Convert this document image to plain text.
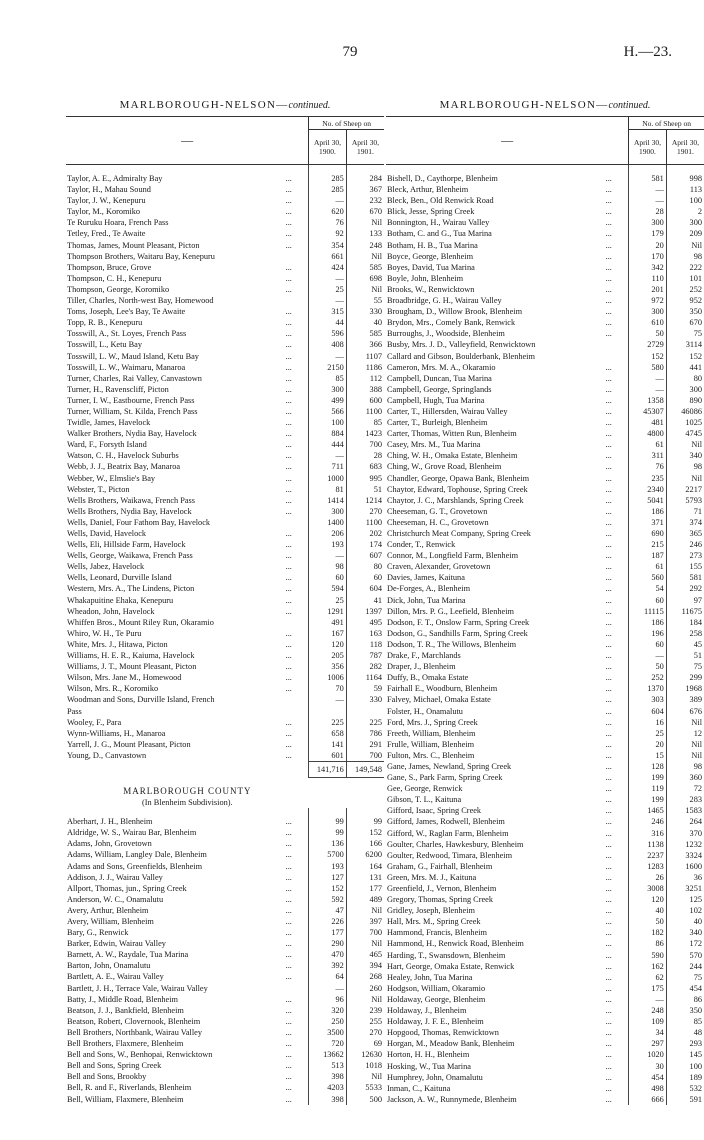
79	H.—23.
MARLBOROUGH-NELSON—continued.
—		No. of Sheep on	
		April 30, 1900.	April 30, 1901.

Taylor, A. E., Admiralty Bay	...	285	284
Taylor, H., Mahau Sound	...	285	367
Taylor, J. W., Kenepuru	...	—	232
Taylor, M., Koromiko	...	620	670
Te Ruruku Hoara, French Pass	...	76	Nil
Tetley, Fred., Te Awaite	...	92	133
Thomas, James, Mount Pleasant, Picton	...	354	248
Thompson Brothers, Waitaru Bay, Kenepuru		661	Nil
Thompson, Bruce, Grove	...	424	585
Thompson, C. H., Kenepuru	...	—	698
Thompson, George, Koromiko	...	25	Nil
Tiller, Charles, North-west Bay, Homewood		—	55
Toms, Joseph, Lee's Bay, Te Awaite	...	315	330
Topp, R. B., Kenepuru	...	44	40
Tosswill, A., St. Loyes, French Pass	...	596	585
Tosswill, L., Ketu Bay	...	408	366
Tosswill, L. W., Maud Island, Ketu Bay	...	—	1107
Tosswill, L. W., Waimaru, Manaroa	...	2150	1186
Turner, Charles, Rai Valley, Canvastown	...	85	112
Turner, H., Ravenscliff, Picton	...	300	388
Turner, I. W., Eastbourne, French Pass	...	499	600
Turner, William, St. Kilda, French Pass	...	566	1100
Twidle, James, Havelock	...	100	85
Walker Brothers, Nydia Bay, Havelock	...	884	1423
Ward, F., Forsyth Island	...	444	700
Watson, C. H., Havelock Suburbs	...	—	28
Webb, J. J., Beatrix Bay, Manaroa	...	711	683
Webber, W., Elmslie's Bay	...	1000	995
Webster, T., Picton	...	81	51
Wells Brothers, Waikawa, French Pass	...	1414	1214
Wells Brothers, Nydia Bay, Havelock	...	300	270
Wells, Daniel, Four Fathom Bay, Havelock		1400	1100
Wells, David, Havelock	...	206	202
Wells, Eli, Hillside Farm, Havelock	...	193	174
Wells, George, Waikawa, French Pass	...	—	607
Wells, Jabez, Havelock	...	98	80
Wells, Leonard, Durville Island	...	60	60
Western, Mrs. A., The Lindens, Picton	...	594	604
Whakapuitine Ehaka, Kenepuru	...	25	41
Wheadon, John, Havelock	...	1291	1397
Whiffen Bros., Mount Riley Run, Okaramio		491	495
Whiro, W. H., Te Puru	...	167	163
White, Mrs. J., Hitawa, Picton	...	120	118
Williams, H. E. R., Kaiuma, Havelock	...	205	787
Williams, J. T., Mount Pleasant, Picton	...	356	282
Wilson, Mrs. Jane M., Homewood	...	1006	1164
Wilson, Mrs. R., Koromiko	...	70	59
Woodman and Sons, Durville Island, French		—	330
Pass			
Wooley, F., Para	...	225	225
Wynn-Williams, H., Manaroa	...	658	786
Yarrell, J. G., Mount Pleasant, Picton	...	141	291
Young, D., Canvastown	...	601	700
		141,716	149,548

MARLBOROUGH COUNTY			
(In Blenheim Subdivision).			

Aberhart, J. H., Blenheim	...	99	99
Aldridge, W. S., Wairau Bar, Blenheim	...	99	152
Adams, John, Grovetown	...	136	166
Adams, William, Langley Dale, Blenheim	...	5700	6200
Adams and Sons, Greenfields, Blenheim	...	193	164
Addison, J. J., Wairau Valley	...	127	131
Allport, Thomas, jun., Spring Creek	...	152	177
Anderson, W. C., Onamalutu	...	592	489
Avery, Arthur, Blenheim	...	47	Nil
Avery, William, Blenheim	...	226	397
Bary, G., Renwick	...	177	700
Barker, Edwin, Wairau Valley	...	290	Nil
Barnett, A. W., Raydale, Tua Marina	...	470	465
Barton, John, Onamalutu	...	392	394
Bartlett, A. E., Wairau Valley	...	64	268
Bartlett, J. H., Terrace Vale, Wairau Valley		—	260
Batty, J., Middle Road, Blenheim	...	96	Nil
Beatson, J. J., Bankfield, Blenheim	...	320	239
Beatson, Robert, Clovernook, Blenheim	...	250	255
Bell Brothers, Northbank, Wairau Valley	...	3500	270
Bell Brothers, Flaxmere, Blenheim	...	720	69
Bell and Sons, W., Benhopai, Renwicktown	...	13662	12630
Bell and Sons, Spring Creek	...	513	1018
Bell and Sons, Brookby	...	398	Nil
Bell, R. and F., Riverlands, Blenheim	...	4203	5533
Bell, William, Flaxmere, Blenheim	...	398	500
MARLBOROUGH-NELSON—continued.
—		No. of Sheep on	
		April 30, 1900.	April 30, 1901.

Bishell, D., Caythorpe, Blenheim	...	581	998
Bleck, Arthur, Blenheim	...	—	113
Bleck, Ben., Old Renwick Road	...	—	100
Blick, Jesse, Spring Creek	...	28	2
Bonnington, H., Wairau Valley	...	300	300
Botham, C. and G., Tua Marina	...	179	209
Botham, H. B., Tua Marina	...	20	Nil
Boyce, George, Blenheim	...	170	98
Boyes, David, Tua Marina	...	342	222
Boyle, John, Blenheim	...	110	101
Brooks, W., Renwicktown	...	201	252
Broadbridge, G. H., Wairau Valley	...	972	952
Brougham, D., Willow Brook, Blenheim	...	300	350
Brydon, Mrs., Comely Bank, Renwick	...	610	670
Burroughs, J., Woodside, Blenheim	...	50	75
Busby, Mrs. J. D., Valleyfield, Renwicktown		2729	3114
Callard and Gibson, Boulderbank, Blenheim		152	152
Cameron, Mrs. M. A., Okaramio	...	580	441
Campbell, Duncan, Tua Marina	...	—	80
Campbell, George, Springlands	...	—	300
Campbell, Hugh, Tua Marina	...	1358	890
Carter, T., Hillersden, Wairau Valley	...	45307	46086
Carter, T., Burleigh, Blenheim	...	481	1025
Carter, Thomas, Witten Run, Blenheim	...	4800	4745
Casey, Mrs. M., Tua Marina	...	61	Nil
Ching, W. H., Omaka Estate, Blenheim	...	311	340
Ching, W., Grove Road, Blenheim	...	76	98
Chandler, George, Opawa Bank, Blenheim	...	235	Nil
Chaytor, Edward, Tophouse, Spring Creek	...	2340	2217
Chaytor, J. C., Marshlands, Spring Creek	...	5041	5793
Cheeseman, G. T., Grovetown	...	186	71
Cheeseman, H. C., Grovetown	...	371	374
Christchurch Meat Company, Spring Creek	...	690	365
Conder, T., Renwick	...	215	246
Connor, M., Longfield Farm, Blenheim	...	187	273
Craven, Alexander, Grovetown	...	61	155
Davies, James, Kaituna	...	560	581
De-Forges, A., Blenheim	...	54	292
Dick, John, Tua Marina	...	60	97
Dillon, Mrs. P. G., Leefield, Blenheim	...	11115	11675
Dodson, F. T., Onslow Farm, Spring Creek	...	186	184
Dodson, G., Sandhills Farm, Spring Creek	...	196	258
Dodson, T. R., The Willows, Blenheim	...	60	45
Drake, F., Marchlands	...	—	51
Draper, J., Blenheim	...	50	75
Duffy, B., Omaka Estate	...	252	299
Fairhall E., Woodburn, Blenheim	...	1370	1968
Falvey, Michael, Omaka Estate	...	303	389
Folster, H., Onamalutu	...	604	676
Ford, Mrs. J., Spring Creek	...	16	Nil
Freeth, William, Blenheim	...	25	12
Frulle, William, Blenheim	...	20	Nil
Fulton, Mrs. C., Blenheim	...	15	Nil
Gane, James, Newland, Spring Creek	...	128	98
Gane, S., Park Farm, Spring Creek	...	199	360
Gee, George, Renwick	...	119	72
Gibson, T. L., Kaituna	...	199	283
Gifford, Isaac, Spring Creek	...	1465	1583
Gifford, James, Rodwell, Blenheim	...	246	264
Gifford, W., Raglan Farm, Blenheim	...	316	370
Goulter, Charles, Hawkesbury, Blenheim	...	1138	1232
Goulter, Redwood, Timara, Blenheim	...	2237	3324
Graham, G., Fairhall, Blenheim	...	1283	1600
Green, Mrs. M. J., Kaituna	...	26	36
Greenfield, J., Vernon, Blenheim	...	3008	3251
Gregory, Thomas, Spring Creek	...	120	125
Gridley, Joseph, Blenheim	...	40	102
Hall, Mrs. M., Spring Creek	...	50	40
Hammond, Francis, Blenheim	...	182	340
Hammond, H., Renwick Road, Blenheim	...	86	172
Harding, T., Swansdown, Blenheim	...	590	570
Hart, George, Omaka Estate, Renwick	...	162	244
Healey, John, Tua Marina	...	62	75
Hodgson, William, Okaramio	...	175	454
Holdaway, George, Blenheim	...	—	86
Holdaway, J., Blenheim	...	248	350
Holdaway, J. F. E., Blenheim	...	109	85
Hopgood, Thomas, Renwicktown	...	34	48
Horgan, M., Meadow Bank, Blenheim	...	297	293
Horton, H. H., Blenheim	...	1020	145
Hosking, W., Tua Marina	...	30	100
Humphrey, John, Onamalutu	...	454	189
Inman, C., Kaituna	...	498	532
Jackson, A. W., Runnymede, Blenheim	...	666	591
